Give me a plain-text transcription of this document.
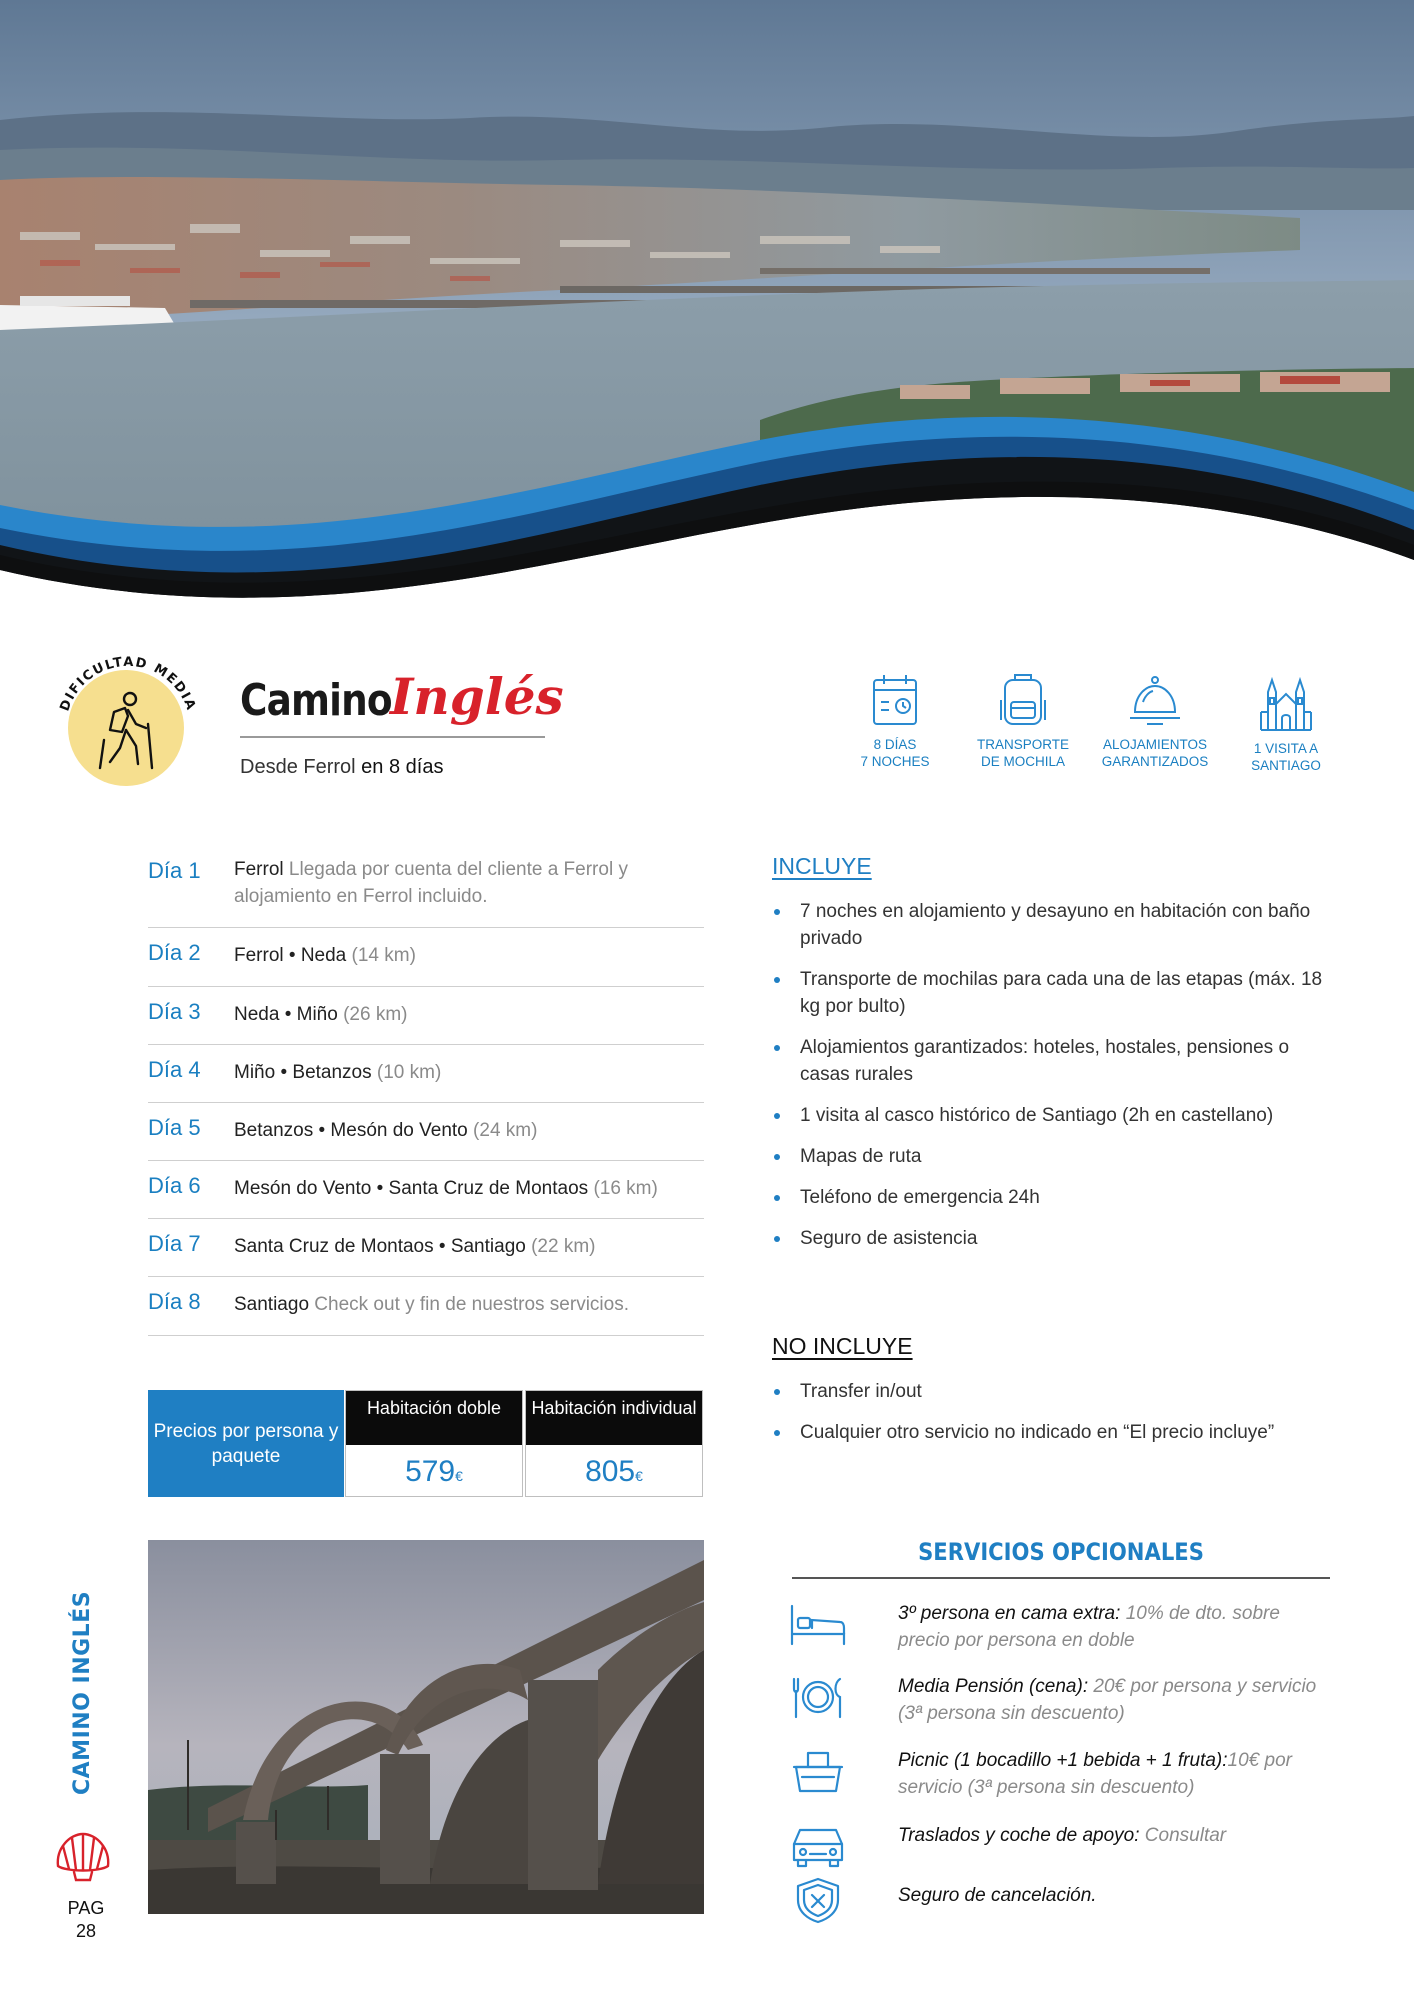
DIFICULTAD MEDIA Camino
Inglés
Desde Ferrol en 8 días
8 DÍAS
7 NOCHES
TRANSPORTE
DE MOCHILA
ALOJAMIENTOS
GARANTIZADOS
1 VISITA A
SANTIAGO
Día 1 Ferrol Llegada por cuenta del cliente a Ferrol y alojamiento en Ferrol incluido.
Día 2 Ferrol • Neda (14 km)
Día 3 Neda • Miño (26 km)
Día 4 Miño • Betanzos (10 km)
Día 5 Betanzos • Mesón do Vento (24 km)
Día 6 Mesón do Vento • Santa Cruz de Montaos (16 km)
Día 7 Santa Cruz de Montaos • Santiago (22 km)
Día 8 Santiago Check out y fin de nuestros servicios.
Precios por persona y paquete
Habitación doble
579€
Habitación individual
805€
CAMINO INGLÉS
PAG
28
INCLUYE
7 noches en alojamiento y desayuno en habitación con baño privado
Transporte de mochilas para cada una de las etapas (máx. 18 kg por bulto)
Alojamientos garantizados: hoteles, hostales, pensiones o casas rurales
1 visita al casco histórico de Santiago (2h en castellano)
Mapas de ruta
Teléfono de emergencia 24h
Seguro de asistencia
NO INCLUYE
Transfer in/out
Cualquier otro servicio no indicado en “El precio incluye”
SERVICIOS OPCIONALES
3º persona en cama extra: 10% de dto. sobre precio por persona en doble
Media Pensión (cena): 20€ por persona y servicio (3ª persona sin descuento)
Picnic (1 bocadillo +1 bebida + 1 fruta):10€ por servicio (3ª persona sin descuento)
Traslados y coche de apoyo: Consultar
Seguro de cancelación.
